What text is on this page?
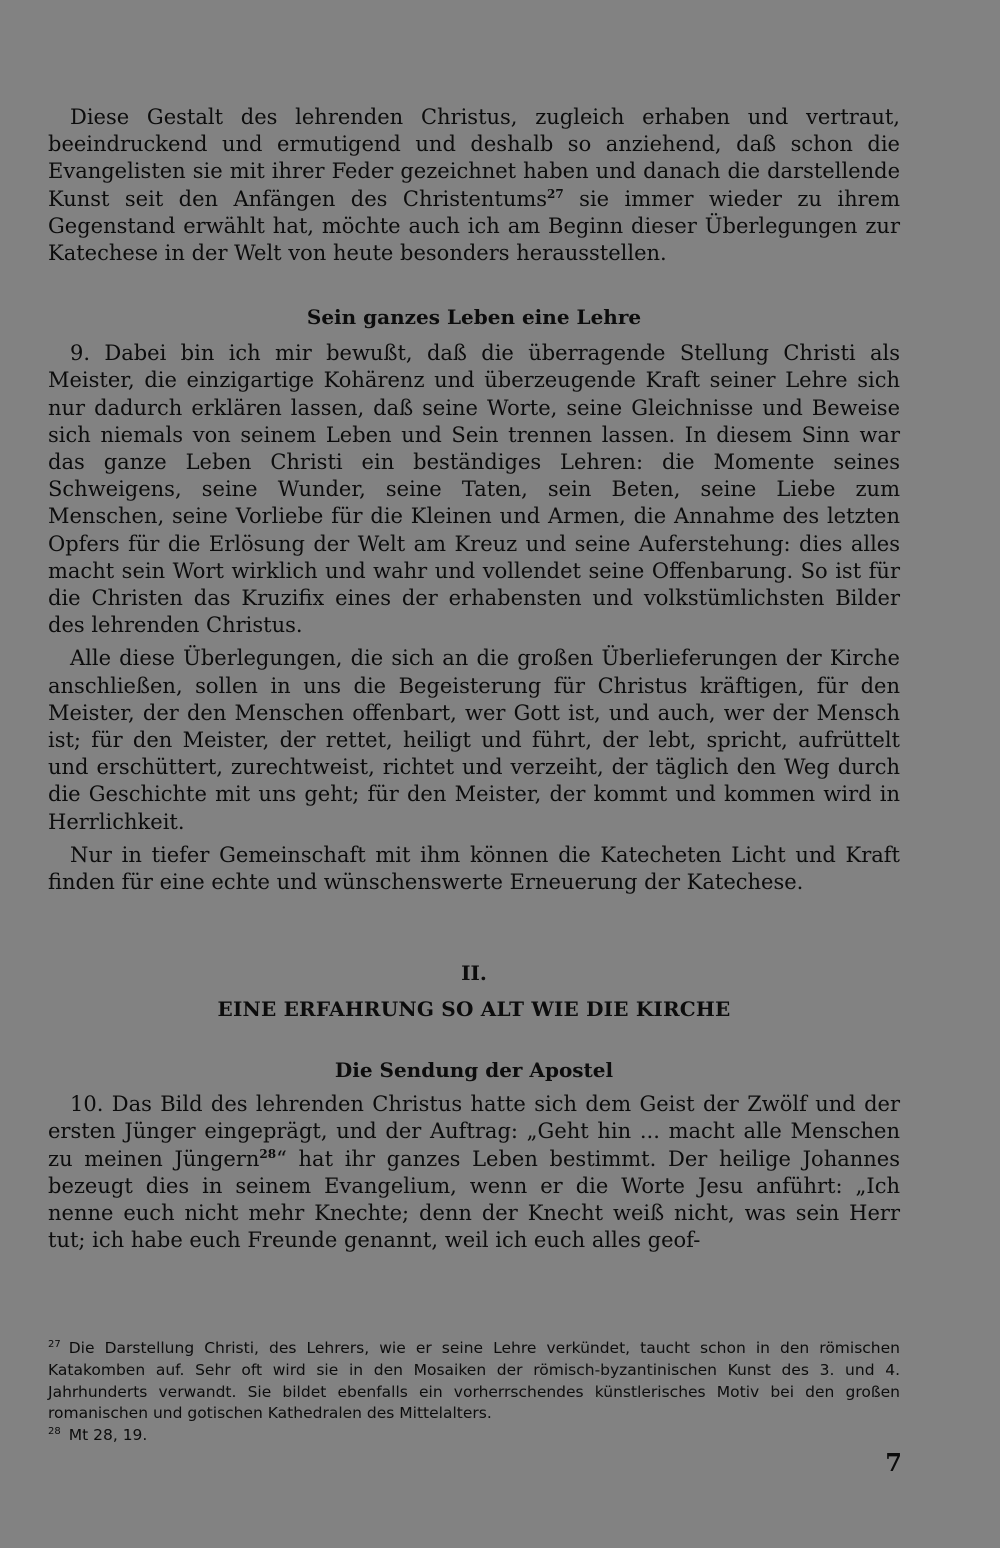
Diese Gestalt des lehrenden Christus, zugleich erhaben und vertraut, beeindruckend und ermutigend und deshalb so anziehend, daß schon die Evangelisten sie mit ihrer Feder gezeichnet haben und danach die darstellende Kunst seit den Anfängen des Christentums$^{27}$ sie immer wieder zu ihrem Gegenstand erwählt hat, möchte auch ich am Beginn dieser Überlegungen zur Katechese in der Welt von heute besonders herausstellen.

Sein ganzes Leben eine Lehre

9. Dabei bin ich mir bewußt, daß die überragende Stellung Christi als Meister, die einzigartige Kohärenz und überzeugende Kraft seiner Lehre sich nur dadurch erklären lassen, daß seine Worte, seine Gleichnisse und Beweise sich niemals von seinem Leben und Sein trennen lassen. In diesem Sinn war das ganze Leben Christi ein beständiges Lehren: die Momente seines Schweigens, seine Wunder, seine Taten, sein Beten, seine Liebe zum Menschen, seine Vorliebe für die Kleinen und Armen, die Annahme des letzten Opfers für die Erlösung der Welt am Kreuz und seine Auferstehung: dies alles macht sein Wort wirklich und wahr und vollendet seine Offenbarung. So ist für die Christen das Kruzifix eines der erhabensten und volkstümlichsten Bilder des lehrenden Christus.

Alle diese Überlegungen, die sich an die großen Überlieferungen der Kirche anschließen, sollen in uns die Begeisterung für Christus kräftigen, für den Meister, der den Menschen offenbart, wer Gott ist, und auch, wer der Mensch ist; für den Meister, der rettet, heiligt und führt, der lebt, spricht, aufrüttelt und erschüttert, zurechtweist, richtet und verzeiht, der täglich den Weg durch die Geschichte mit uns geht; für den Meister, der kommt und kommen wird in Herrlichkeit.

Nur in tiefer Gemeinschaft mit ihm können die Katecheten Licht und Kraft finden für eine echte und wünschenswerte Erneuerung der Katechese.

II.
EINE ERFAHRUNG SO ALT WIE DIE KIRCHE
Die Sendung der Apostel

10. Das Bild des lehrenden Christus hatte sich dem Geist der Zwölf und der ersten Jünger eingeprägt, und der Auftrag: „Geht hin ... macht alle Menschen zu meinen Jüngern$^{28}$“ hat ihr ganzes Leben bestimmt. Der heilige Johannes bezeugt dies in seinem Evangelium, wenn er die Worte Jesu anführt: „Ich nenne euch nicht mehr Knechte; denn der Knecht weiß nicht, was sein Herr tut; ich habe euch Freunde genannt, weil ich euch alles geof-

$^{27}$ Die Darstellung Christi, des Lehrers, wie er seine Lehre verkündet, taucht schon in den römischen Katakomben auf. Sehr oft wird sie in den Mosaiken der römisch-byzantinischen Kunst des 3. und 4. Jahrhunderts verwandt. Sie bildet ebenfalls ein vorherrschendes künstlerisches Motiv bei den großen romanischen und gotischen Kathedralen des Mittelalters.

$^{28}$ Mt 28, 19.

7
